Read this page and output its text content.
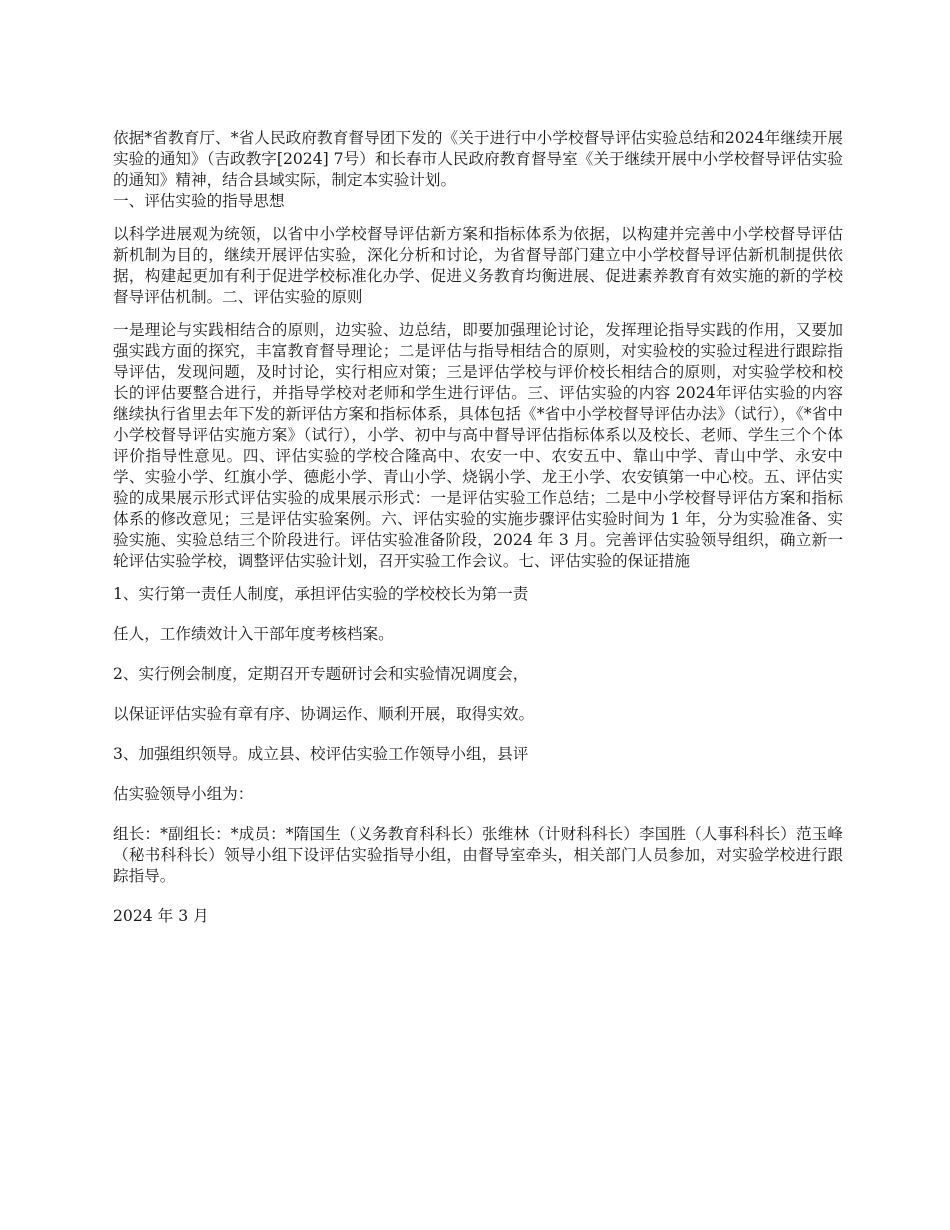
依据*省教育厅、*省人民政府教育督导团下发的《关于进行中小学校督导评估实验总结和2024年继续开展实验的通知》（吉政教字[2024] 7号）和长春市人民政府教育督导室《关于继续开展中小学校督导评估实验的通知》精神，结合县域实际，制定本实验计划。

一、评估实验的指导思想

以科学进展观为统领，以省中小学校督导评估新方案和指标体系为依据，以构建并完善中小学校督导评估新机制为目的，继续开展评估实验，深化分析和讨论，为省督导部门建立中小学校督导评估新机制提供依据，构建起更加有利于促进学校标准化办学、促进义务教育均衡进展、促进素养教育有效实施的新的学校督导评估机制。二、评估实验的原则

一是理论与实践相结合的原则，边实验、边总结，即要加强理论讨论，发挥理论指导实践的作用，又要加强实践方面的探究，丰富教育督导理论；二是评估与指导相结合的原则，对实验校的实验过程进行跟踪指导评估，发现问题，及时讨论，实行相应对策；三是评估学校与评价校长相结合的原则，对实验学校和校长的评估要整合进行，并指导学校对老师和学生进行评估。三、评估实验的内容 2024年评估实验的内容继续执行省里去年下发的新评估方案和指标体系，具体包括《*省中小学校督导评估办法》（试行），《*省中小学校督导评估实施方案》（试行），小学、初中与高中督导评估指标体系以及校长、老师、学生三个个体评价指导性意见。四、评估实验的学校合隆高中、农安一中、农安五中、靠山中学、青山中学、永安中学、实验小学、红旗小学、德彪小学、青山小学、烧锅小学、龙王小学、农安镇第一中心校。五、评估实验的成果展示形式评估实验的成果展示形式：一是评估实验工作总结；二是中小学校督导评估方案和指标体系的修改意见；三是评估实验案例。六、评估实验的实施步骤评估实验时间为 1 年，分为实验准备、实验实施、实验总结三个阶段进行。评估实验准备阶段，2024 年 3 月。完善评估实验领导组织，确立新一轮评估实验学校，调整评估实验计划，召开实验工作会议。七、评估实验的保证措施

1、实行第一责任人制度，承担评估实验的学校校长为第一责

任人，工作绩效计入干部年度考核档案。

2、实行例会制度，定期召开专题研讨会和实验情况调度会，

以保证评估实验有章有序、协调运作、顺利开展，取得实效。

3、加强组织领导。成立县、校评估实验工作领导小组，县评

估实验领导小组为：

组长：*副组长：*成员：*隋国生（义务教育科科长）张维林（计财科科长）李国胜（人事科科长）范玉峰（秘书科科长）领导小组下设评估实验指导小组，由督导室牵头，相关部门人员参加，对实验学校进行跟踪指导。

2024 年 3 月
